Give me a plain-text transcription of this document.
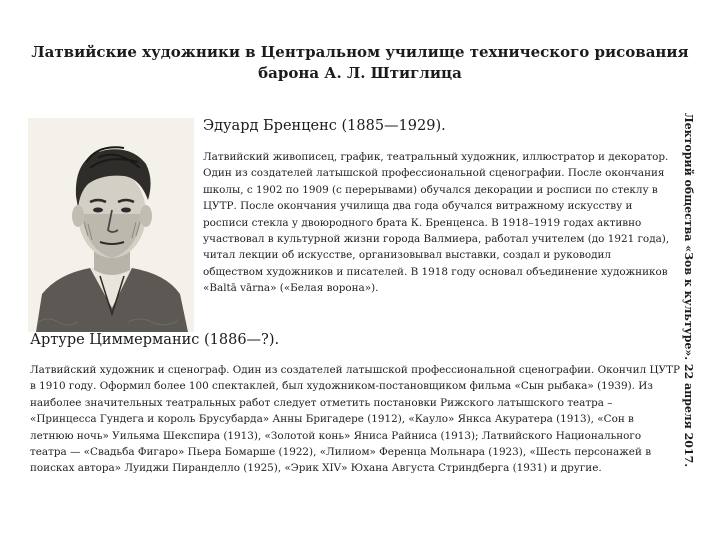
Латвийские художники в Центральном училище технического рисования барона А. Л. Штиглица
Эдуард Бренценс (1885—1929).
Латвийский живописец, график, театральный художник, иллюстратор и декоратор. Один из создателей латышской профессиональной сценографии. После окончания школы, с 1902 по 1909 (с перерывами) обучался декорации и росписи по стеклу в ЦУТР. После окончания училища два года обучался витражному искусству и росписи стекла у двоюродного брата К. Бренценса. В 1918–1919 годах активно участвовал в культурной жизни города Валмиера, работал учителем (до 1921 года), читал лекции об искусстве, организовывал выставки, создал и руководил обществом художников и писателей. В 1918 году основал объединение художников «Baltā vārna» («Белая ворона»).
Артуре Циммерманис (1886—?).
Латвийский художник и сценограф. Один из создателей латышской профессиональной сценографии. Окончил ЦУТР в 1910 году. Оформил более 100 спектаклей, был художником-постановщиком фильма «Сын рыбака» (1939). Из наиболее значительных театральных работ следует отметить постановки Рижского латышского театра – «Принцесса Гундега и король Брусубарда» Анны Бригадере (1912), «Кауло» Янкса Акуратера (1913), «Сон в летнюю ночь» Уильяма Шекспира (1913), «Золотой конь» Яниса Райниса (1913); Латвийского Национального театра — «Свадьба Фигаро» Пьера Бомарше (1922), «Лилиом» Ференца Мольнара (1923), «Шесть персонажей в поисках автора» Луиджи Пиранделло (1925), «Эрик XIV» Юхана Августа Стриндберга (1931) и другие.
Лекторий общества «Зов к культуре». 22 апреля 2017.
